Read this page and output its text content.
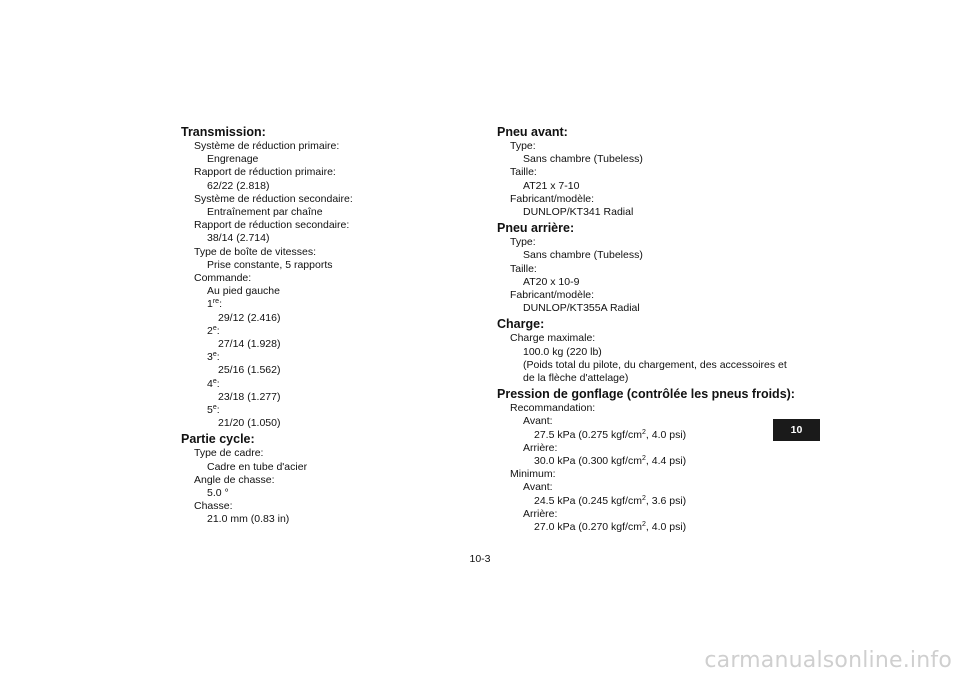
Transmission:
Système de réduction primaire:
Engrenage
Rapport de réduction primaire:
62/22 (2.818)
Système de réduction secondaire:
Entraînement par chaîne
Rapport de réduction secondaire:
38/14 (2.714)
Type de boîte de vitesses:
Prise constante, 5 rapports
Commande:
Au pied gauche
1re:
29/12 (2.416)
2e:
27/14 (1.928)
3e:
25/16 (1.562)
4e:
23/18 (1.277)
5e:
21/20 (1.050)
Partie cycle:
Type de cadre:
Cadre en tube d'acier
Angle de chasse:
5.0 °
Chasse:
21.0 mm (0.83 in)
Pneu avant:
Type:
Sans chambre (Tubeless)
Taille:
AT21 x 7-10
Fabricant/modèle:
DUNLOP/KT341 Radial
Pneu arrière:
Type:
Sans chambre (Tubeless)
Taille:
AT20 x 10-9
Fabricant/modèle:
DUNLOP/KT355A Radial
Charge:
Charge maximale:
100.0 kg (220 lb)
(Poids total du pilote, du chargement, des accessoires et
de la flèche d'attelage)
Pression de gonflage (contrôlée les pneus froids):
Recommandation:
Avant:
27.5 kPa (0.275 kgf/$cm^2$, 4.0 psi)
Arrière:
30.0 kPa (0.300 kgf/$cm^2$, 4.4 psi)
Minimum:
Avant:
24.5 kPa (0.245 kgf/$cm^2$, 3.6 psi)
Arrière:
27.0 kPa (0.270 kgf/$cm^2$, 4.0 psi)
10
10-3
carmanualsonline.info
